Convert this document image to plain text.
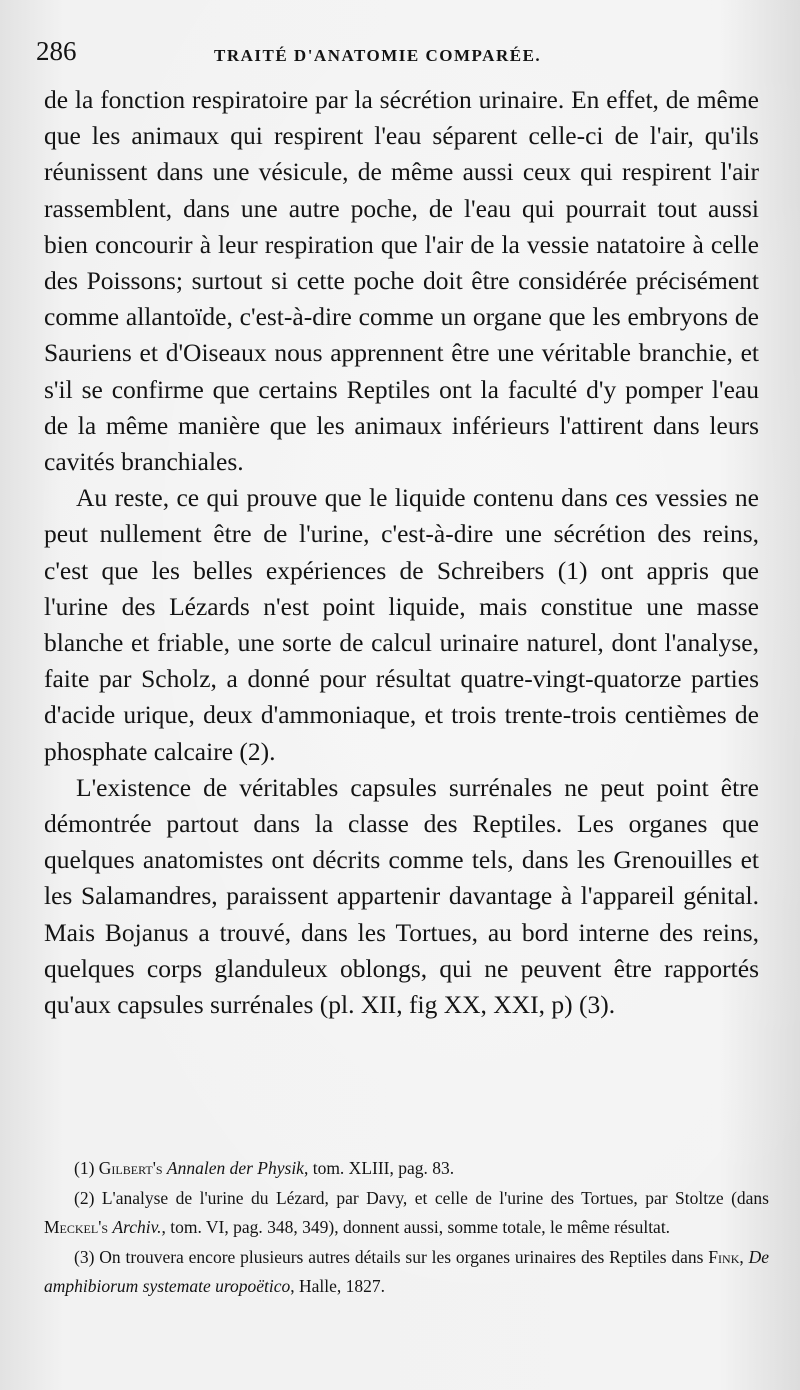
286	TRAITÉ D'ANATOMIE COMPARÉE.

de la fonction respiratoire par la sécrétion urinaire. En effet, de même que les animaux qui respirent l'eau séparent celle-ci de l'air, qu'ils réunissent dans une vésicule, de même aussi ceux qui respirent l'air rassemblent, dans une autre poche, de l'eau qui pourrait tout aussi bien concourir à leur respiration que l'air de la vessie natatoire à celle des Poissons; surtout si cette poche doit être considérée précisément comme allantoïde, c'est-à-dire comme un organe que les embryons de Sauriens et d'Oiseaux nous apprennent être une véritable branchie, et s'il se confirme que certains Reptiles ont la faculté d'y pomper l'eau de la même manière que les animaux inférieurs l'attirent dans leurs cavités branchiales.

Au reste, ce qui prouve que le liquide contenu dans ces vessies ne peut nullement être de l'urine, c'est-à-dire une sécrétion des reins, c'est que les belles expériences de Schreibers (1) ont appris que l'urine des Lézards n'est point liquide, mais constitue une masse blanche et friable, une sorte de calcul urinaire naturel, dont l'analyse, faite par Scholz, a donné pour résultat quatre-vingt-quatorze parties d'acide urique, deux d'ammoniaque, et trois trente-trois centièmes de phosphate calcaire (2).

L'existence de véritables capsules surrénales ne peut point être démontrée partout dans la classe des Reptiles. Les organes que quelques anatomistes ont décrits comme tels, dans les Grenouilles et les Salamandres, paraissent appartenir davantage à l'appareil génital. Mais Bojanus a trouvé, dans les Tortues, au bord interne des reins, quelques corps glanduleux oblongs, qui ne peuvent être rapportés qu'aux capsules surrénales (pl. XII, fig XX, XXI, p) (3).

(1) Gilbert's Annalen der Physik, tom. XLIII, pag. 83.

(2) L'analyse de l'urine du Lézard, par Davy, et celle de l'urine des Tortues, par Stoltze (dans Meckel's Archiv., tom. VI, pag. 348, 349), donnent aussi, somme totale, le même résultat.

(3) On trouvera encore plusieurs autres détails sur les organes urinaires des Reptiles dans Fink, De amphibiorum systemate uropoëtico, Halle, 1827.
